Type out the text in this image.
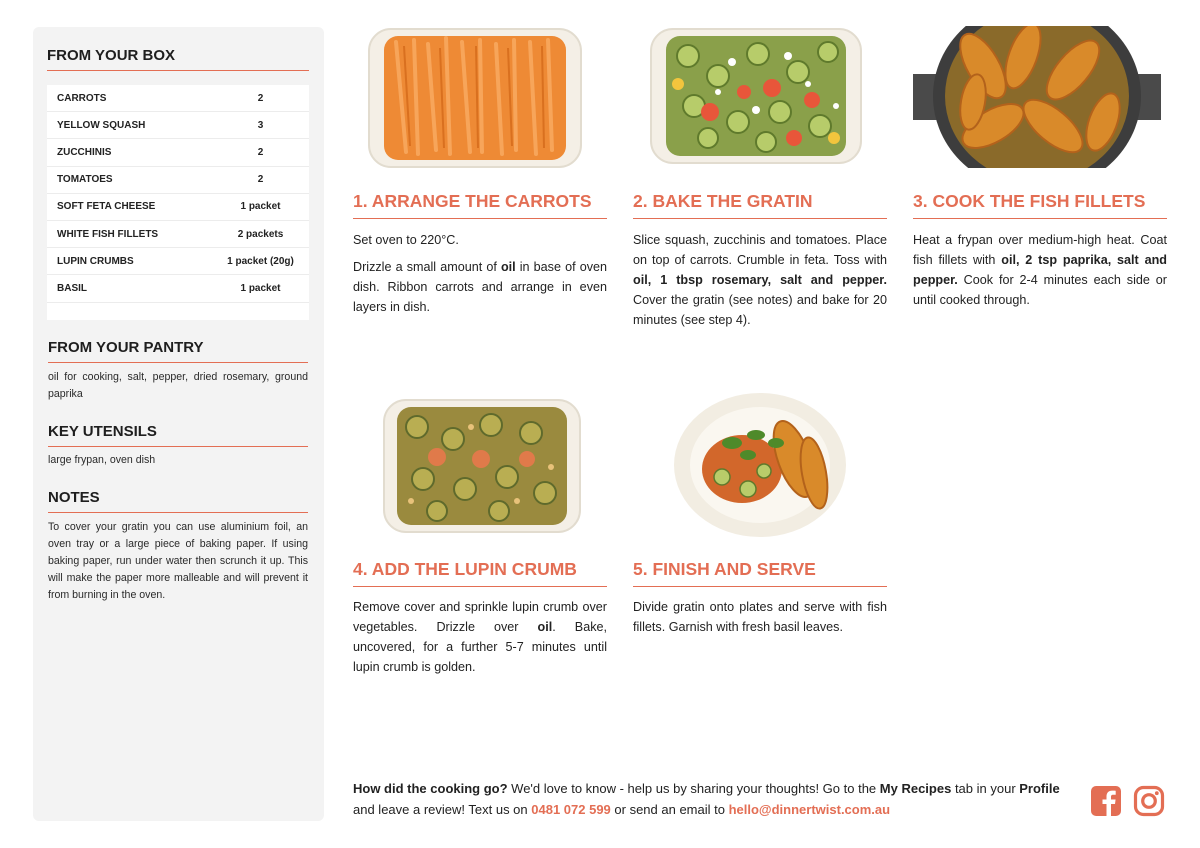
FROM YOUR BOX
CARROTS	2
YELLOW SQUASH	3
ZUCCHINIS	2
TOMATOES	2
SOFT FETA CHEESE	1 packet
WHITE FISH FILLETS	2 packets
LUPIN CRUMBS	1 packet (20g)
BASIL	1 packet
FROM YOUR PANTRY
oil for cooking, salt, pepper, dried rosemary, ground paprika
KEY UTENSILS
large frypan, oven dish
NOTES
To cover your gratin you can use aluminium foil, an oven tray or a large piece of baking paper. If using baking paper, run under water then scrunch it up. This will make the paper more malleable and will prevent it from burning in the oven.
1. ARRANGE THE CARROTS

Set oven to 220°C.

Drizzle a small amount of oil in base of oven dish. Ribbon carrots and arrange in even layers in dish.

2. BAKE THE GRATIN

Slice squash, zucchinis and tomatoes. Place on top of carrots. Crumble in feta. Toss with oil, 1 tbsp rosemary, salt and pepper. Cover the gratin (see notes) and bake for 20 minutes (see step 4).

3. COOK THE FISH FILLETS

Heat a frypan over medium-high heat. Coat fish fillets with oil, 2 tsp paprika, salt and pepper. Cook for 2-4 minutes each side or until cooked through.

4. ADD THE LUPIN CRUMB

Remove cover and sprinkle lupin crumb over vegetables. Drizzle over oil. Bake, uncovered, for a further 5-7 minutes until lupin crumb is golden.

5. FINISH AND SERVE

Divide gratin onto plates and serve with fish fillets. Garnish with fresh basil leaves.

How did the cooking go? We'd love to know - help us by sharing your thoughts! Go to the My Recipes tab in your Profile and leave a review! Text us on 0481 072 599 or send an email to hello@dinnertwist.com.au
